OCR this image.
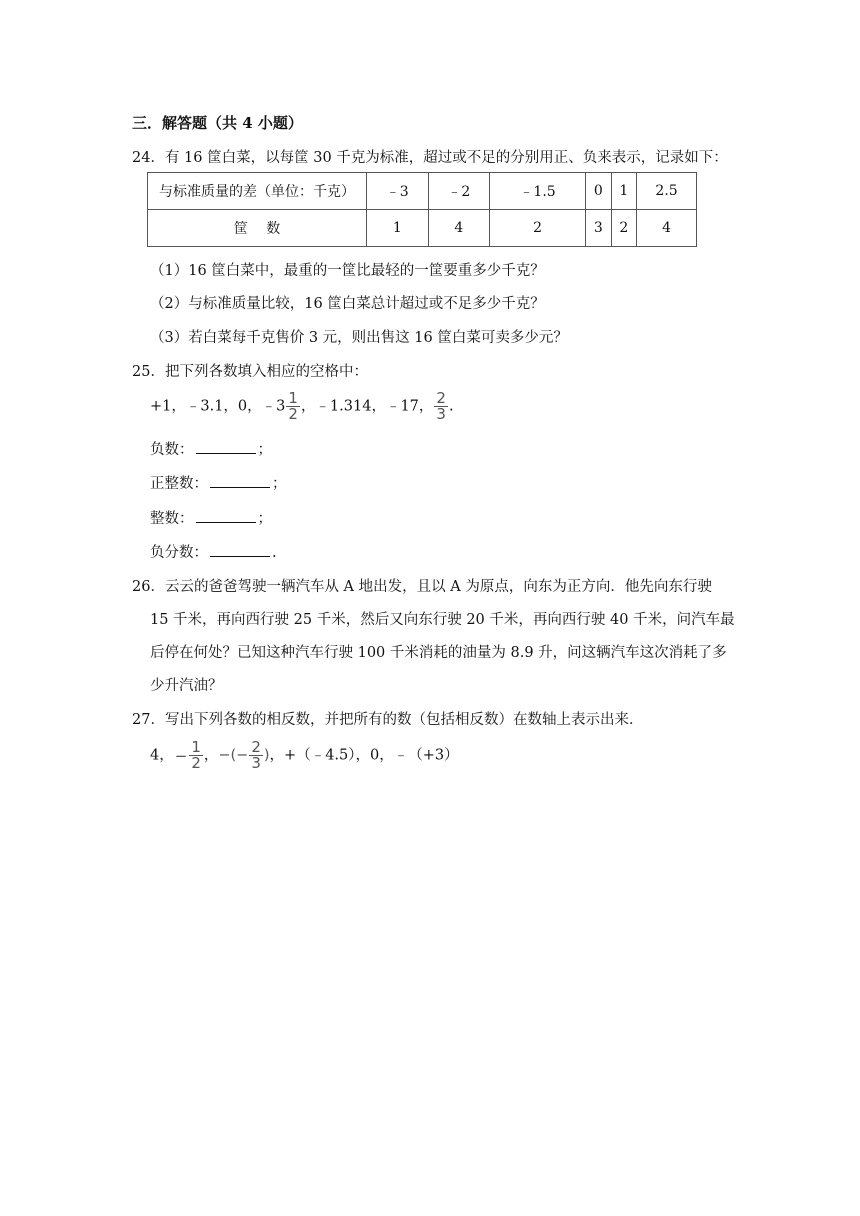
三．解答题（共 4 小题）
24．有 16 筐白菜，以每筐 30 千克为标准，超过或不足的分别用正、负来表示，记录如下：
与标准质量的差（单位：千克）	﹣3	﹣2	﹣1.5	0	1	2.5
筐　 数	1	4	2	3	2	4
（1）16 筐白菜中，最重的一筐比最轻的一筐要重多少千克？
（2）与标准质量比较，16 筐白菜总计超过或不足多少千克？
（3）若白菜每千克售价 3 元，则出售这 16 筐白菜可卖多少元？
25．把下列各数填入相应的空格中：
+1，﹣3.1，0，﹣3 $\frac{1}{2}$ ，﹣1.314，﹣17， $\frac{2}{3}$ .
负数：	；
正整数：	；
整数：	；
负分数：	.
26．云云的爸爸驾驶一辆汽车从 A 地出发，且以 A 为原点，向东为正方向．他先向东行驶
15 千米，再向西行驶 25 千米，然后又向东行驶 20 千米，再向西行驶 40 千米，问汽车最
后停在何处？已知这种汽车行驶 100 千米消耗的油量为 8.9 升，问这辆汽车这次消耗了多
少升汽油？
27．写出下列各数的相反数，并把所有的数（包括相反数）在数轴上表示出来．
4，− $\frac{1}{2}$ ，−(− $\frac{2}{3}$ )，+（﹣4.5），0，﹣（+3）
